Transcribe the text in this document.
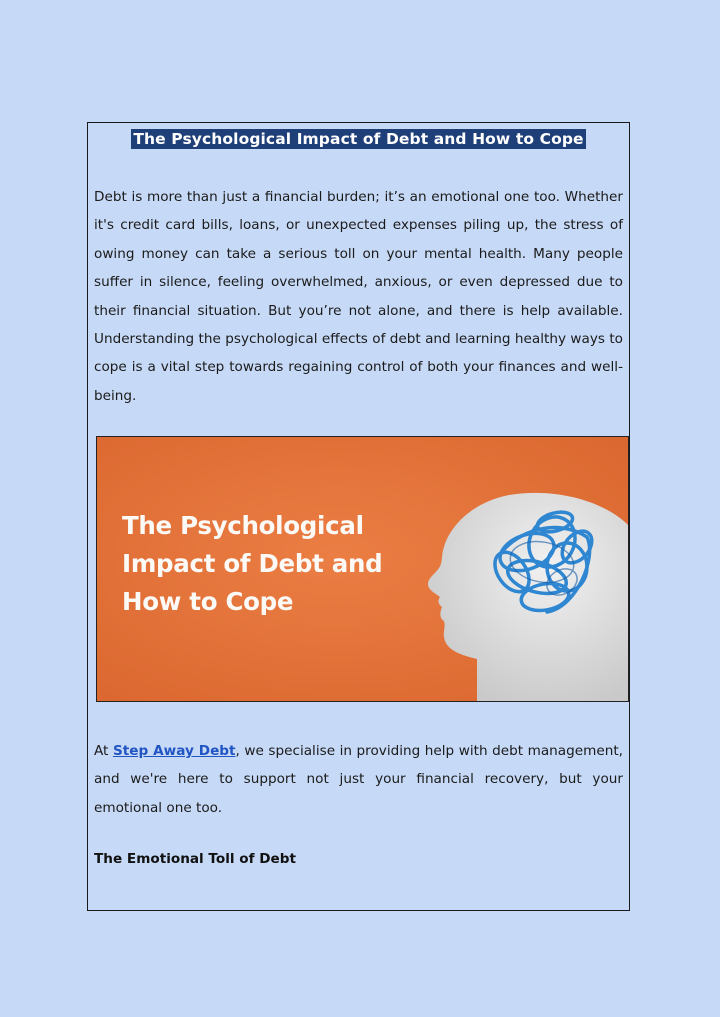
The Psychological Impact of Debt and How to Cope

Debt is more than just a financial burden; it’s an emotional one too. Whether it's credit card bills, loans, or unexpected expenses piling up, the stress of owing money can take a serious toll on your mental health. Many people suffer in silence, feeling overwhelmed, anxious, or even depressed due to their financial situation. But you’re not alone, and there is help available. Understanding the psychological effects of debt and learning healthy ways to cope is a vital step towards regaining control of both your finances and well-being.

The Psychological
Impact of Debt and
How to Cope

At Step Away Debt, we specialise in providing help with debt management, and we're here to support not just your financial recovery, but your emotional one too.

The Emotional Toll of Debt
